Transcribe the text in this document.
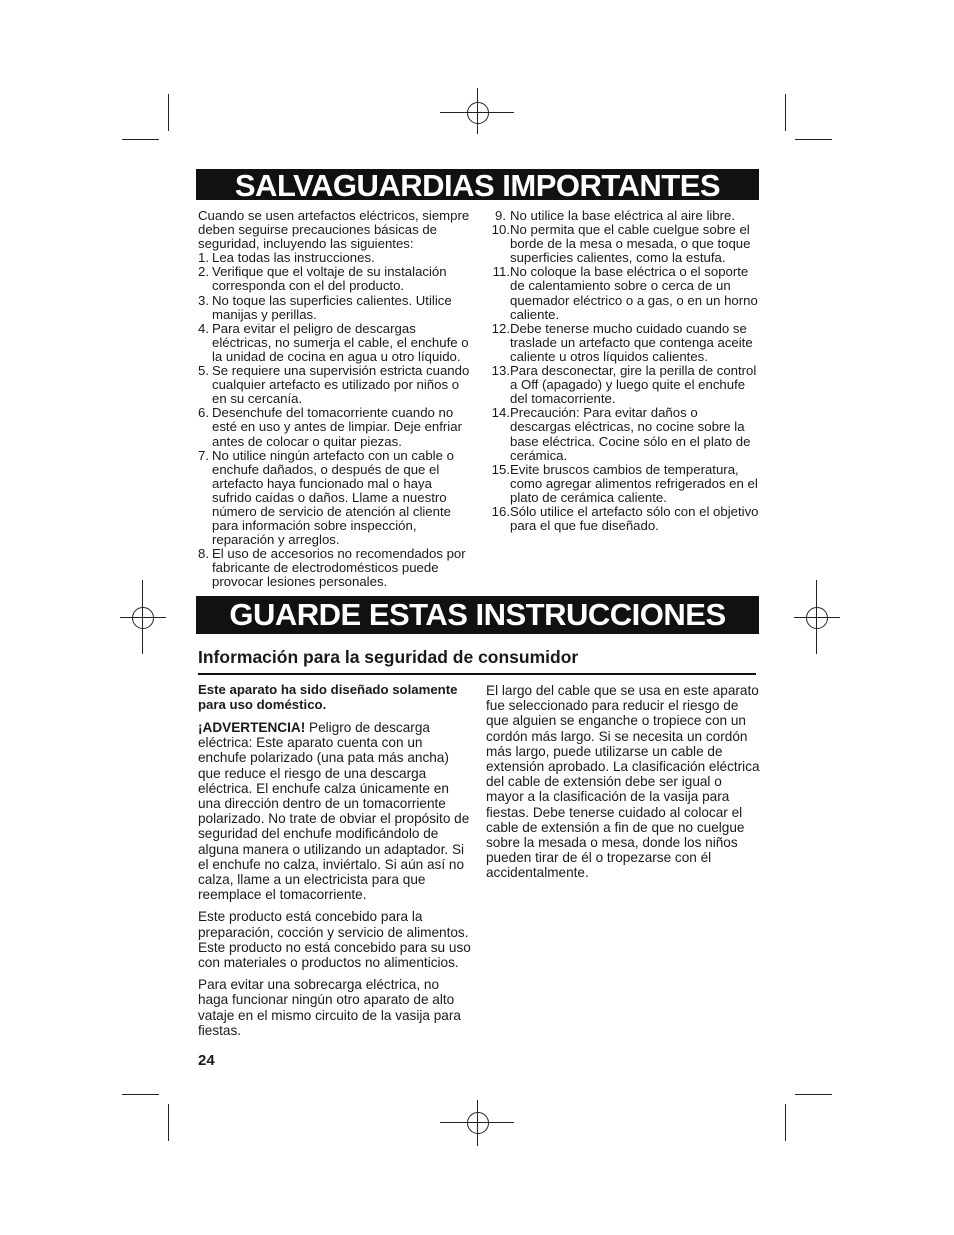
SALVAGUARDIAS IMPORTANTES

Cuando se usen artefactos eléctricos, siempre deben seguirse precauciones básicas de seguridad, incluyendo las siguientes:

1. Lea todas las instrucciones.
2. Verifique que el voltaje de su instalación corresponda con el del producto.
3. No toque las superficies calientes. Utilice manijas y perillas.
4. Para evitar el peligro de descargas eléctricas, no sumerja el cable, el enchufe o la unidad de cocina en agua u otro líquido.
5. Se requiere una supervisión estricta cuando cualquier artefacto es utilizado por niños o en su cercanía.
6. Desenchufe del tomacorriente cuando no esté en uso y antes de limpiar. Deje enfriar antes de colocar o quitar piezas.
7. No utilice ningún artefacto con un cable o enchufe dañados, o después de que el artefacto haya funcionado mal o haya sufrido caídas o daños. Llame a nuestro número de servicio de atención al cliente para información sobre inspección, reparación y arreglos.
8. El uso de accesorios no recomendados por fabricante de electrodomésticos puede provocar lesiones personales.
9. No utilice la base eléctrica al aire libre.
10. No permita que el cable cuelgue sobre el borde de la mesa o mesada, o que toque superficies calientes, como la estufa.
11. No coloque la base eléctrica o el soporte de calentamiento sobre o cerca de un quemador eléctrico o a gas, o en un horno caliente.
12. Debe tenerse mucho cuidado cuando se traslade un artefacto que contenga aceite caliente u otros líquidos calientes.
13. Para desconectar, gire la perilla de control a Off (apagado) y luego quite el enchufe del tomacorriente.
14. Precaución: Para evitar daños o descargas eléctricas, no cocine sobre la base eléctrica. Cocine sólo en el plato de cerámica.
15. Evite bruscos cambios de temperatura, como agregar alimentos refrigerados en el plato de cerámica caliente.
16. Sólo utilice el artefacto sólo con el objetivo para el que fue diseñado.
GUARDE ESTAS INSTRUCCIONES
Información para la seguridad de consumidor

Este aparato ha sido diseñado solamente para uso doméstico.

¡ADVERTENCIA! Peligro de descarga eléctrica: Este aparato cuenta con un enchufe polarizado (una pata más ancha) que reduce el riesgo de una descarga eléctrica. El enchufe calza únicamente en una dirección dentro de un tomacorriente polarizado. No trate de obviar el propósito de seguridad del enchufe modificándolo de alguna manera o utilizando un adaptador. Si el enchufe no calza, inviértalo. Si aún así no calza, llame a un electricista para que reemplace el tomacorriente.

Este producto está concebido para la preparación, cocción y servicio de alimentos. Este producto no está concebido para su uso con materiales o productos no alimenticios.

Para evitar una sobrecarga eléctrica, no haga funcionar ningún otro aparato de alto vataje en el mismo circuito de la vasija para fiestas.

El largo del cable que se usa en este aparato fue seleccionado para reducir el riesgo de que alguien se enganche o tropiece con un cordón más largo. Si se necesita un cordón más largo, puede utilizarse un cable de extensión aprobado. La clasificación eléctrica del cable de extensión debe ser igual o mayor a la clasificación de la vasija para fiestas. Debe tenerse cuidado al colocar el cable de extensión a fin de que no cuelgue sobre la mesada o mesa, donde los niños pueden tirar de él o tropezarse con él accidentalmente.

24
